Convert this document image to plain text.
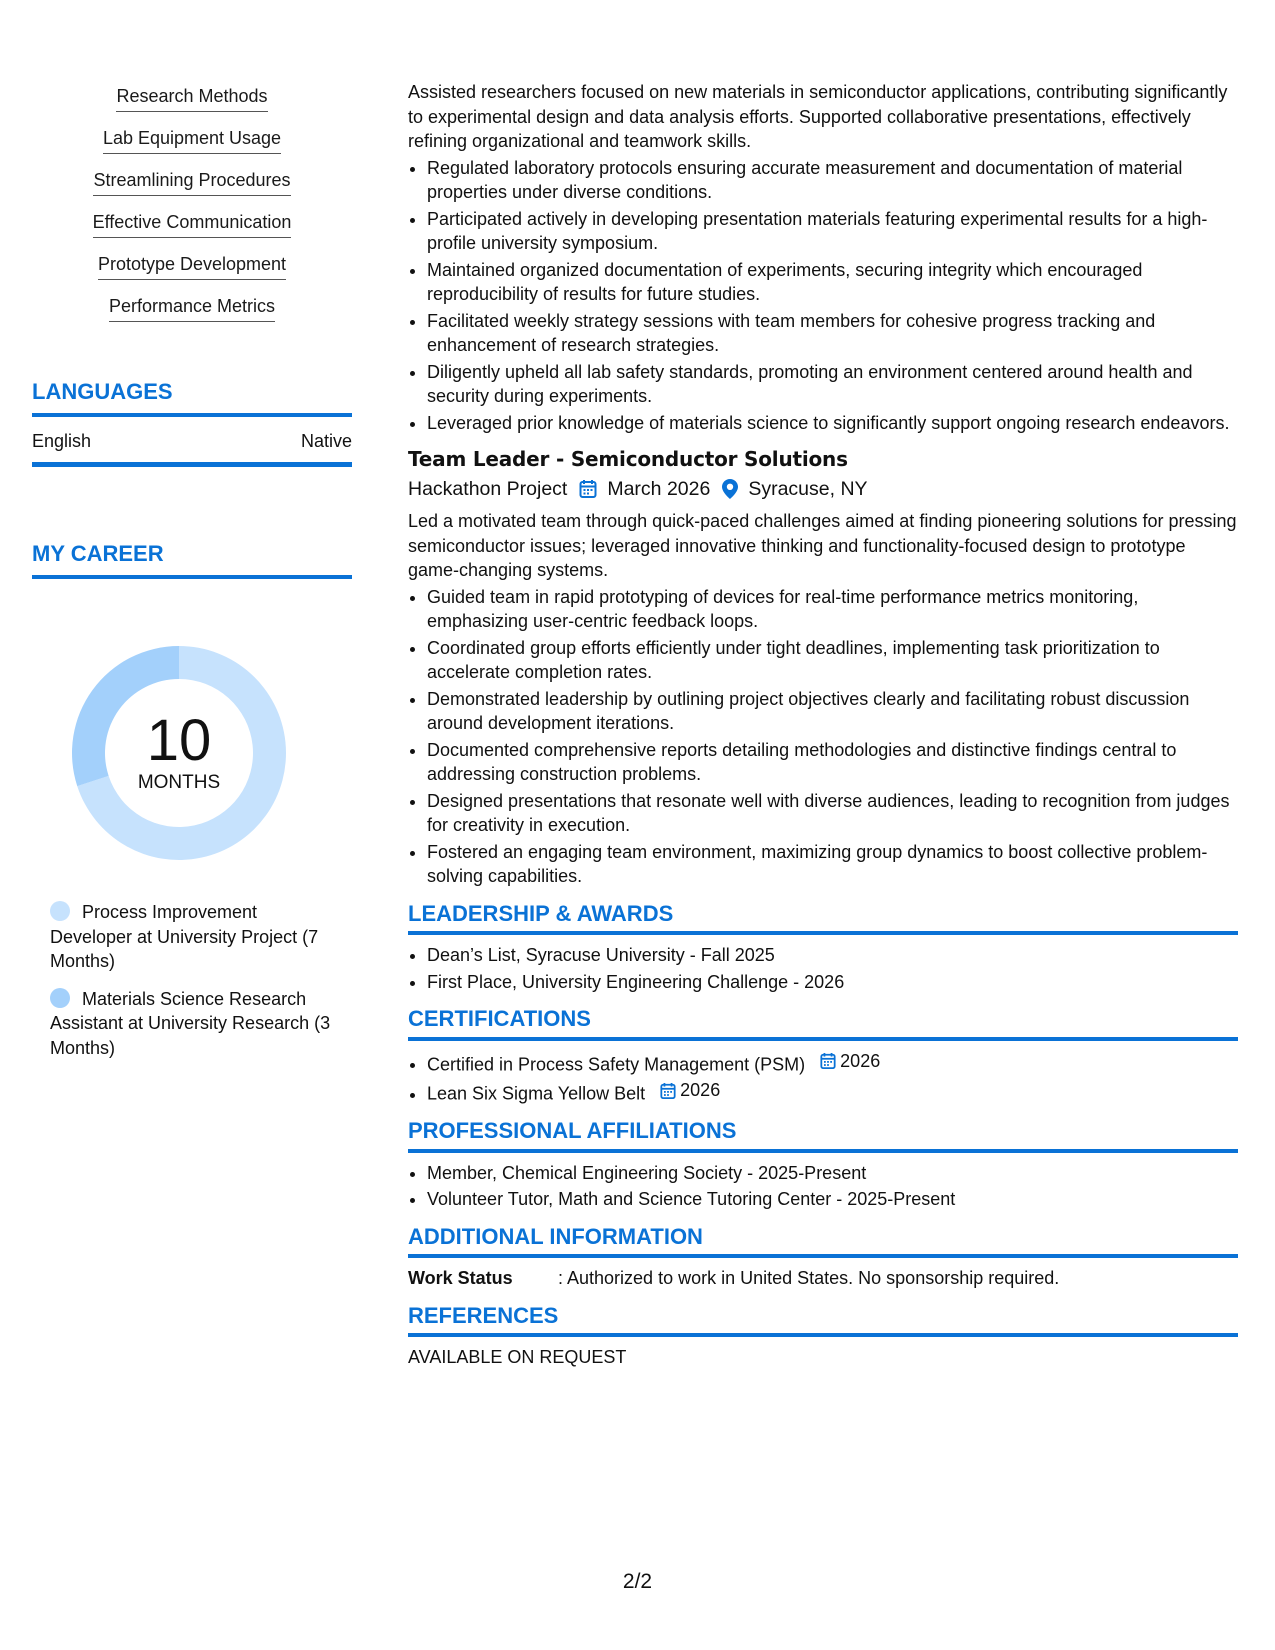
Research Methods
Lab Equipment Usage
Streamlining Procedures
Effective Communication
Prototype Development
Performance Metrics
LANGUAGES
English	Native
MY CAREER
10
MONTHS
Process Improvement Developer at University Project (7 Months)
Materials Science Research Assistant at University Research (3 Months)

Assisted researchers focused on new materials in semiconductor applications, contributing significantly to experimental design and data analysis efforts. Supported collaborative presentations, effectively refining organizational and teamwork skills.

• Regulated laboratory protocols ensuring accurate measurement and documentation of material properties under diverse conditions.
• Participated actively in developing presentation materials featuring experimental results for a high-profile university symposium.
• Maintained organized documentation of experiments, securing integrity which encouraged reproducibility of results for future studies.
• Facilitated weekly strategy sessions with team members for cohesive progress tracking and enhancement of research strategies.
• Diligently upheld all lab safety standards, promoting an environment centered around health and security during experiments.
• Leveraged prior knowledge of materials science to significantly support ongoing research endeavors.
Team Leader - Semiconductor Solutions
Hackathon Project March 2026 Syracuse, NY

Led a motivated team through quick-paced challenges aimed at finding pioneering solutions for pressing semiconductor issues; leveraged innovative thinking and functionality-focused design to prototype game-changing systems.

• Guided team in rapid prototyping of devices for real-time performance metrics monitoring, emphasizing user-centric feedback loops.
• Coordinated group efforts efficiently under tight deadlines, implementing task prioritization to accelerate completion rates.
• Demonstrated leadership by outlining project objectives clearly and facilitating robust discussion around development iterations.
• Documented comprehensive reports detailing methodologies and distinctive findings central to addressing construction problems.
• Designed presentations that resonate well with diverse audiences, leading to recognition from judges for creativity in execution.
• Fostered an engaging team environment, maximizing group dynamics to boost collective problem-solving capabilities.
LEADERSHIP & AWARDS
• Dean’s List, Syracuse University - Fall 2025
• First Place, University Engineering Challenge - 2026
CERTIFICATIONS
• Certified in Process Safety Management (PSM) 2026
• Lean Six Sigma Yellow Belt 2026
PROFESSIONAL AFFILIATIONS
• Member, Chemical Engineering Society - 2025-Present
• Volunteer Tutor, Math and Science Tutoring Center - 2025-Present
ADDITIONAL INFORMATION
Work Status	: Authorized to work in United States. No sponsorship required.
REFERENCES
AVAILABLE ON REQUEST
2/2
